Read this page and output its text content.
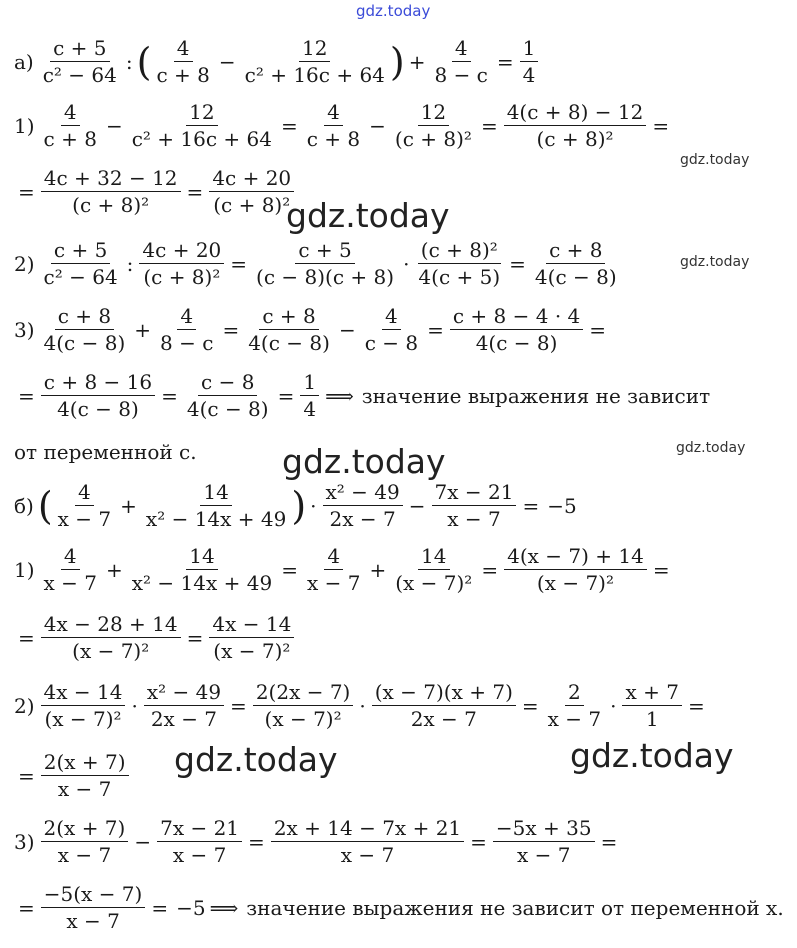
gdz.today
gdz.today
gdz.today
gdz.today
gdz.today
gdz.today
gdz.today	gdz.today
$а) \frac{c + 5}{\text{c² − 64}}$ : ( $\frac{4}{c + 8} - \frac{12}{\text{c² + 16c + 64}}$ ) + $\frac{4}{8 - c} = \frac{1}{4}$
$1) \frac{4}{c + 8} - \frac{12}{\text{c² + 16c + 64}} = \frac{4}{c + 8} - \frac{12}{\text{(c + 8)²}} = \frac{4(c + 8) - 12}{\text{(c + 8)²}}$ =
= $\frac{4c + 32 - 12}{\text{(c + 8)²}} = \frac{4c + 20}{\text{(c + 8)²}}$
$2) \frac{c + 5}{\text{c² − 64}}$ : $\frac{4c + 20}{\text{(c + 8)²}} = \frac{c + 5}{(c - 8)(c + 8)} \cdot \frac{\text{(c + 8)²}}{4(c + 5)} = \frac{c + 8}{4(c - 8)}$
$3) \frac{c + 8}{4(c - 8)} + \frac{4}{8 - c} = \frac{c + 8}{4(c - 8)} - \frac{4}{c - 8} = \frac{c + 8 - 4 \cdot 4}{4(c - 8)}$ =
= $\frac{c + 8 - 16}{4(c - 8)} = \frac{c - 8}{4(c - 8)} = \frac{1}{4}$ ⟹ значение выражения не зависит
от переменной c.
б) ( $\frac{4}{x - 7} + \frac{14}{\text{x² − 14x + 49}}$ ) · $\frac{\text{x² − 49}}{2x - 7} - \frac{7x - 21}{x - 7} = -5$
$1) \frac{4}{x - 7} + \frac{14}{\text{x² − 14x + 49}} = \frac{4}{x - 7} + \frac{14}{\text{(x − 7)²}} = \frac{4(x - 7) + 14}{\text{(x − 7)²}}$ =
= $\frac{4x - 28 + 14}{\text{(x − 7)²}} = \frac{4x - 14}{\text{(x − 7)²}}$
$2) \frac{4x - 14}{\text{(x − 7)²}} \cdot \frac{\text{x² − 49}}{2x - 7} = \frac{2(2x - 7)}{\text{(x − 7)²}} \cdot \frac{(x - 7)(x + 7)}{2x - 7} = \frac{2}{x - 7} \cdot \frac{x + 7}{1}$ =
= $\frac{2(x + 7)}{x - 7}$
$3) \frac{2(x + 7)}{x - 7} - \frac{7x - 21}{x - 7} = \frac{2x + 14 - 7x + 21}{x - 7} = \frac{-5x + 35}{x - 7}$ =
= $\frac{-5(x - 7)}{x - 7} = -5$ ⟹ значение выражения не зависит от переменной x.
